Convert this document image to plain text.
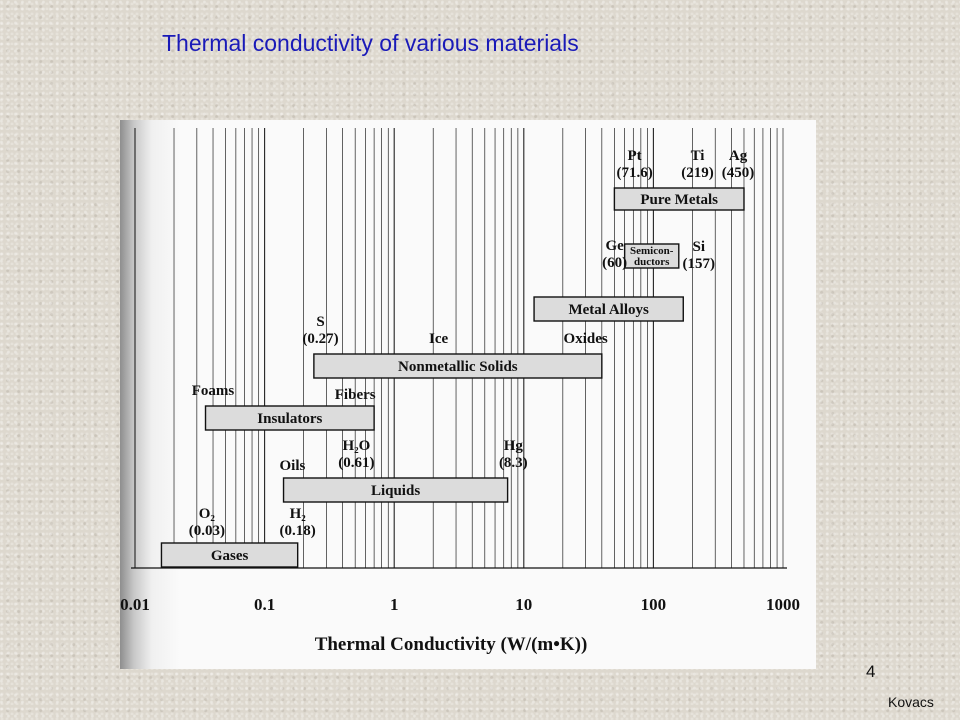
Thermal conductivity of various materials
0.01	0.1	1	10	100	1000
Thermal Conductivity (W/(m•K))
Pure Metals
Semicon-
ductors
Metal Alloys
Nonmetallic Solids
Insulators
Liquids
Gases
Pt
(71.6)
Ti
(219)
Ag
(450)
Ge
(60)
Si
(157)
S
(0.27)	Ice	Oxides
Foams	Fibers
H₂O
(0.61)
Hg
(8.3)
Oils
O₂
(0.03)
H₂
(0.18)
4
Kovacs
